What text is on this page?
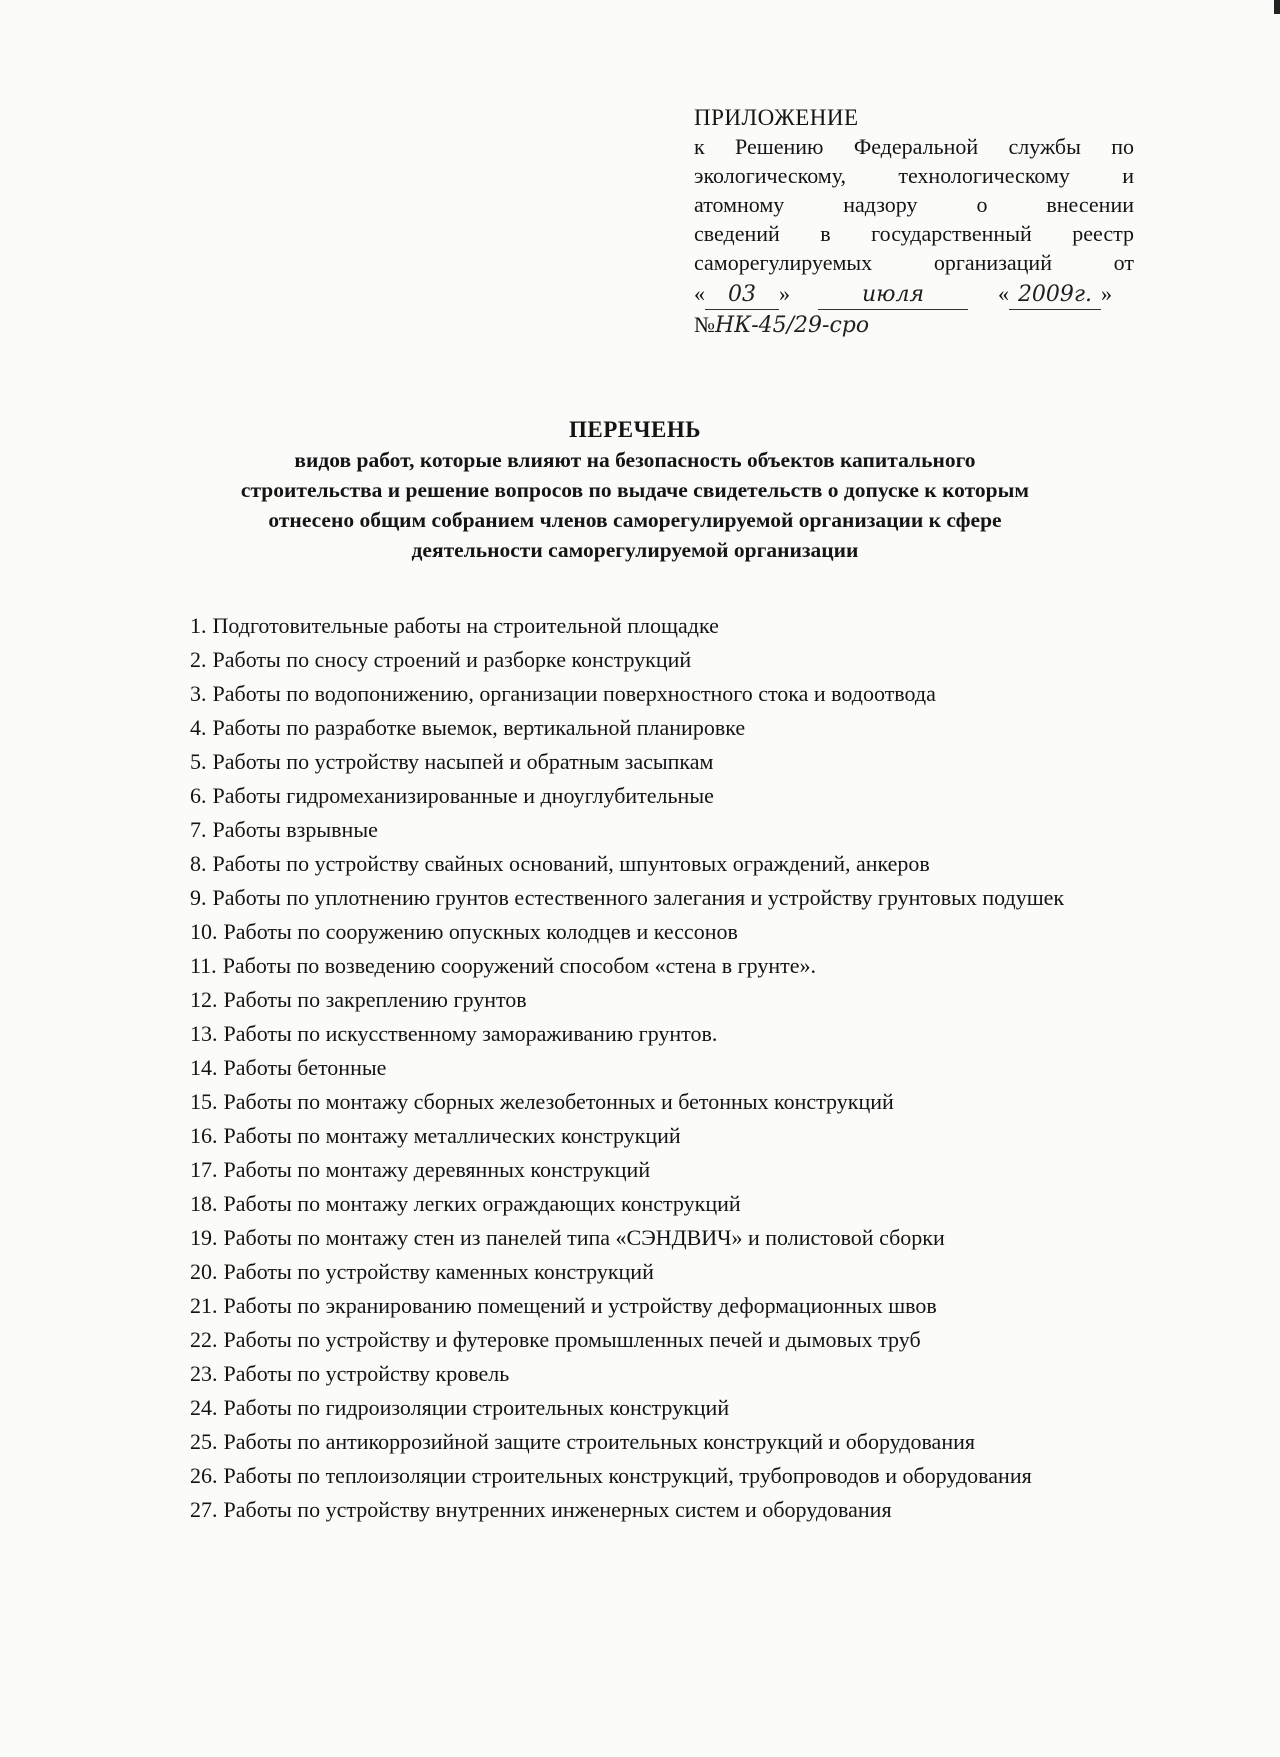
ПРИЛОЖЕНИЕ
к Решению Федеральной службы по
экологическому, технологическому и
атомному надзору о внесении
сведений в государственный реестр
саморегулируемых организаций от
« 03 »	июля	« 2009г. »
№НК-45/29-сро
ПЕРЕЧЕНЬ
видов работ, которые влияют на безопасность объектов капитального
строительства и решение вопросов по выдаче свидетельств о допуске к которым
отнесено общим собранием членов саморегулируемой организации к сфере
деятельности саморегулируемой организации
1. Подготовительные работы на строительной площадке
2. Работы по сносу строений и разборке конструкций
3. Работы по водопонижению, организации поверхностного стока и водоотвода
4. Работы по разработке выемок, вертикальной планировке
5. Работы по устройству насыпей и обратным засыпкам
6. Работы гидромеханизированные и дноуглубительные
7. Работы взрывные
8. Работы по устройству свайных оснований, шпунтовых ограждений, анкеров
9. Работы по уплотнению грунтов естественного залегания и устройству грунтовых подушек
10. Работы по сооружению опускных колодцев и кессонов
11. Работы по возведению сооружений способом «стена в грунте».
12. Работы по закреплению грунтов
13. Работы по искусственному замораживанию грунтов.
14. Работы бетонные
15. Работы по монтажу сборных железобетонных и бетонных конструкций
16. Работы по монтажу металлических конструкций
17. Работы по монтажу деревянных конструкций
18. Работы по монтажу легких ограждающих конструкций
19. Работы по монтажу стен из панелей типа «СЭНДВИЧ» и полистовой сборки
20. Работы по устройству каменных конструкций
21. Работы по экранированию помещений и устройству деформационных швов
22. Работы по устройству и футеровке промышленных печей и дымовых труб
23. Работы по устройству кровель
24. Работы по гидроизоляции строительных конструкций
25. Работы по антикоррозийной защите строительных конструкций и оборудования
26. Работы по теплоизоляции строительных конструкций, трубопроводов и оборудования
27. Работы по устройству внутренних инженерных систем и оборудования
